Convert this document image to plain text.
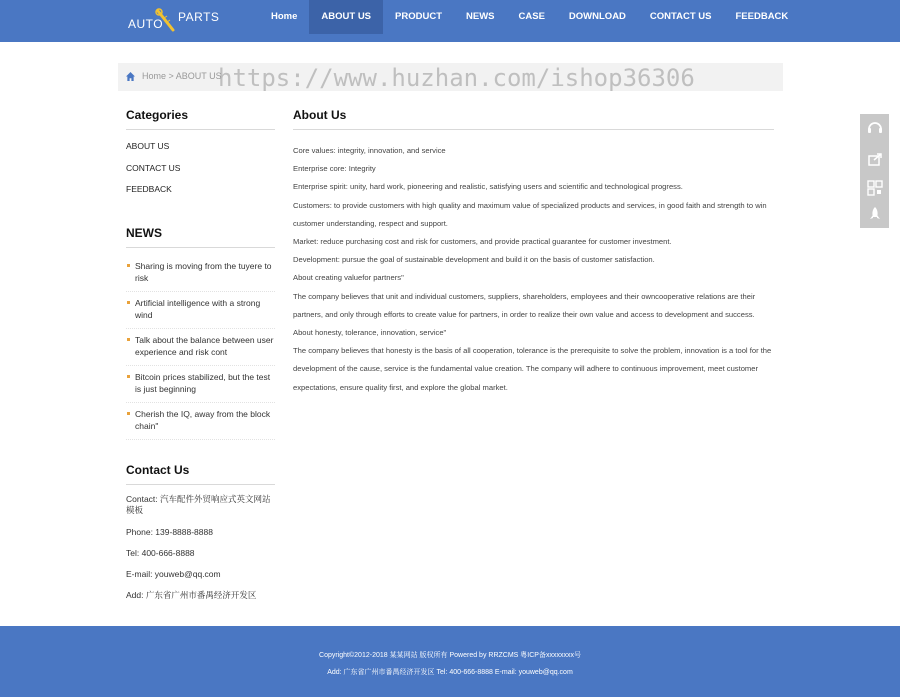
AUTO PARTS	Home	ABOUT US	PRODUCT	NEWS	CASE	DOWNLOAD	CONTACT US	FEEDBACK
Home > ABOUT US
https://www.huzhan.com/ishop36306
Categories
ABOUT US
CONTACT US
FEEDBACK
NEWS
Sharing is moving from the tuyere to risk
Artificial intelligence with a strong wind
Talk about the balance between user experience and risk cont
Bitcoin prices stabilized, but the test is just beginning
Cherish the IQ, away from the block chain"
Contact Us
Contact: 汽车配件外贸响应式英文网站模板
Phone: 139-8888-8888
Tel: 400-666-8888
E-mail: youweb@qq.com
Add: 广东省广州市番禺经济开发区
About Us

Core values: integrity, innovation, and service

Enterprise core: Integrity

Enterprise spirit: unity, hard work, pioneering and realistic, satisfying users and scientific and technological progress.

Customers: to provide customers with high quality and maximum value of specialized products and services, in good faith and strength to win customer understanding, respect and support.

Market: reduce purchasing cost and risk for customers, and provide practical guarantee for customer investment.

Development: pursue the goal of sustainable development and build it on the basis of customer satisfaction.

About creating valuefor partners"

The company believes that unit and individual customers, suppliers, shareholders, employees and their owncooperative relations are their partners, and only through efforts to create value for partners, in order to realize their own value and access to development and success.

About honesty, tolerance, innovation, service"

The company believes that honesty is the basis of all cooperation, tolerance is the prerequisite to solve the problem, innovation is a tool for the development of the cause, service is the fundamental value creation. The company will adhere to continuous improvement, meet customer expectations, ensure quality first, and explore the global market.

Copyright©2012-2018 某某网站 版权所有 Powered by RRZCMS 粤ICP备xxxxxxxx号
Add: 广东省广州市番禺经济开发区 Tel: 400-666-8888 E-mail: youweb@qq.com
